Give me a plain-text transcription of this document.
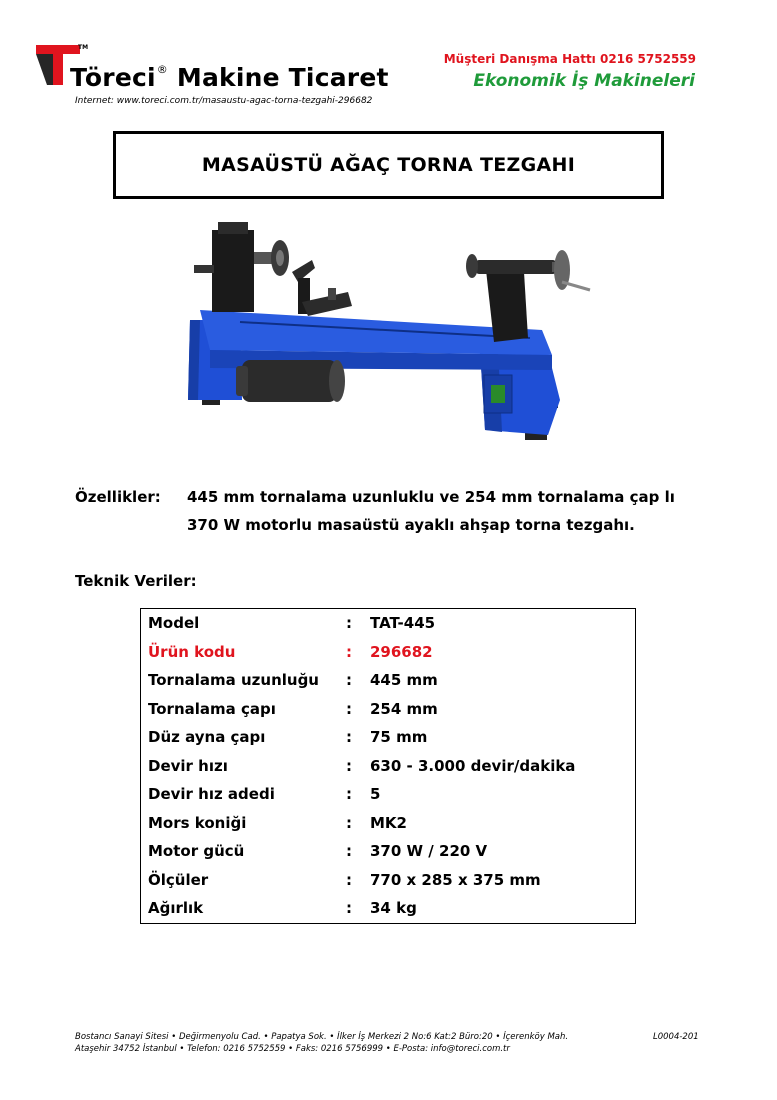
TM
Töreci® Makine Ticaret
Internet: www.toreci.com.tr/masaustu-agac-torna-tezgahi-296682
Müşteri Danışma Hattı 0216 5752559
Ekonomik İş Makineleri
MASAÜSTÜ AĞAÇ TORNA TEZGAHI
Özellikler: 445 mm tornalama uzunluklu ve 254 mm tornalama çap lı
370 W motorlu masaüstü ayaklı ahşap torna tezgahı.
Teknik Veriler:
Model	: TAT-445
Ürün kodu	: 296682
Tornalama uzunluğu : 445 mm
Tornalama çapı	: 254 mm
Düz ayna çapı	: 75 mm
Devir hızı	: 630 - 3.000 devir/dakika
Devir hız adedi	: 5
Mors koniği	: MK2
Motor gücü	: 370 W / 220 V
Ölçüler	: 770 x 285 x 375 mm
Ağırlık	: 34 kg
Bostancı Sanayi Sitesi • Değirmenyolu Cad. • Papatya Sok. • İlker İş Merkezi 2 No:6 Kat:2 Büro:20 • İçerenköy Mah.
Ataşehir 34752 İstanbul • Telefon: 0216 5752559 • Faks: 0216 5756999 • E-Posta: info@toreci.com.tr
L0004-201
